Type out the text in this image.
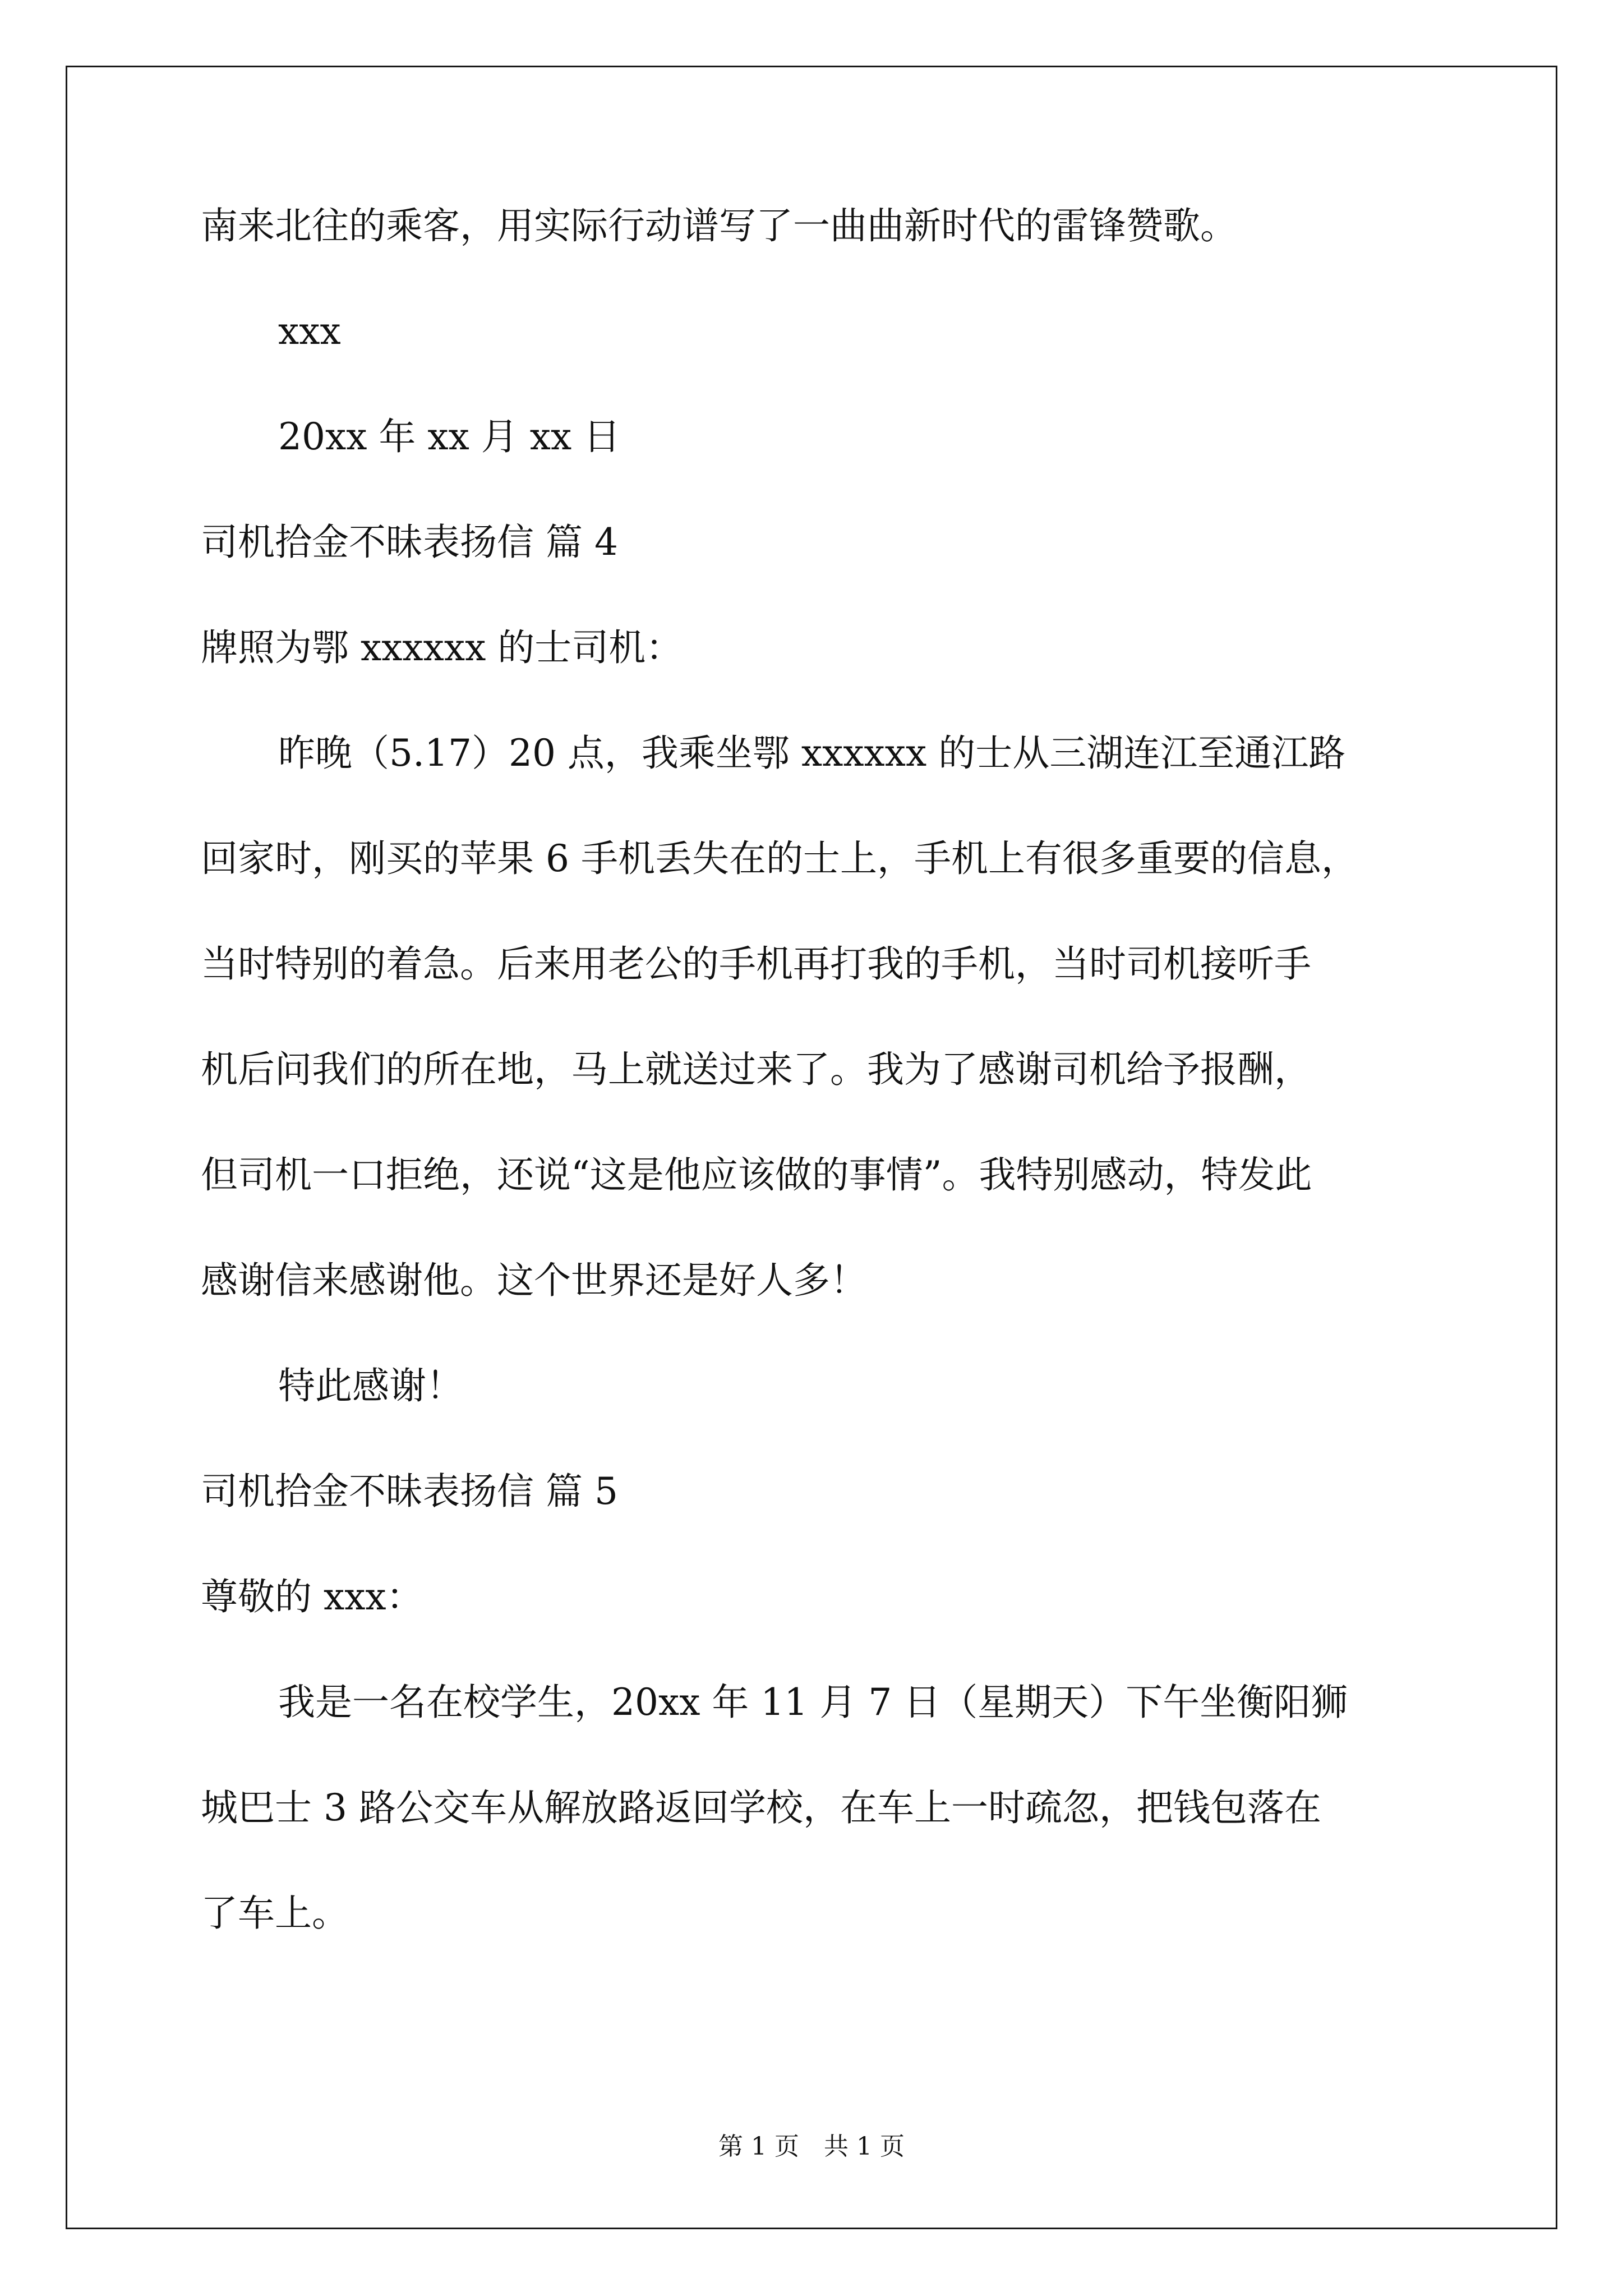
南来北往的乘客，用实际行动谱写了一曲曲新时代的雷锋赞歌。

xxx

20xx 年 xx 月 xx 日

司机拾金不昧表扬信 篇 4

牌照为鄂 xxxxxx 的士司机：

昨晚（5.17）20 点，我乘坐鄂 xxxxxx 的士从三湖连江至通江路

回家时，刚买的苹果 6 手机丢失在的士上，手机上有很多重要的信息，

当时特别的着急。后来用老公的手机再打我的手机，当时司机接听手

机后问我们的所在地，马上就送过来了。我为了感谢司机给予报酬，

但司机一口拒绝，还说“这是他应该做的事情”。我特别感动，特发此

感谢信来感谢他。这个世界还是好人多！

特此感谢！

司机拾金不昧表扬信 篇 5

尊敬的 xxx：

我是一名在校学生，20xx 年 11 月 7 日（星期天）下午坐衡阳狮

城巴士 3 路公交车从解放路返回学校，在车上一时疏忽，把钱包落在

了车上。

第 1 页　共 1 页
